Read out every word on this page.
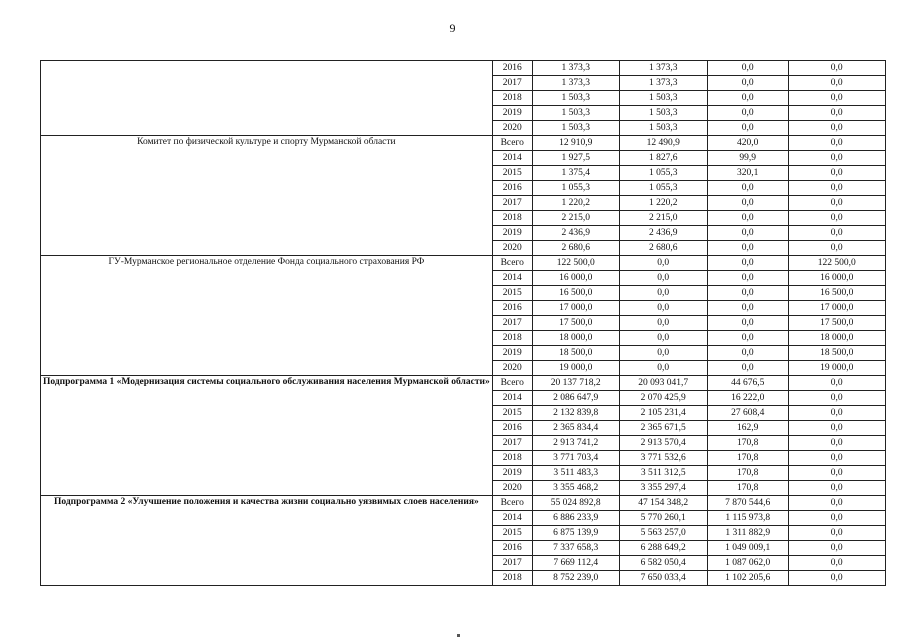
9
	2016	1 373,3	1 373,3	0,0	0,0
	2017	1 373,3	1 373,3	0,0	0,0
	2018	1 503,3	1 503,3	0,0	0,0
	2019	1 503,3	1 503,3	0,0	0,0
	2020	1 503,3	1 503,3	0,0	0,0
Комитет по физической культуре и спорту Мурманской области	Всего	12 910,9	12 490,9	420,0	0,0
	2014	1 927,5	1 827,6	99,9	0,0
	2015	1 375,4	1 055,3	320,1	0,0
	2016	1 055,3	1 055,3	0,0	0,0
	2017	1 220,2	1 220,2	0,0	0,0
	2018	2 215,0	2 215,0	0,0	0,0
	2019	2 436,9	2 436,9	0,0	0,0
	2020	2 680,6	2 680,6	0,0	0,0
ГУ-Мурманское региональное отделение Фонда социального страхования РФ	Всего	122 500,0	0,0	0,0	122 500,0
	2014	16 000,0	0,0	0,0	16 000,0
	2015	16 500,0	0,0	0,0	16 500,0
	2016	17 000,0	0,0	0,0	17 000,0
	2017	17 500,0	0,0	0,0	17 500,0
	2018	18 000,0	0,0	0,0	18 000,0
	2019	18 500,0	0,0	0,0	18 500,0
	2020	19 000,0	0,0	0,0	19 000,0
Подпрограмма 1 «Модернизация системы социального обслуживания населения Мурманской области»	Всего	20 137 718,2	20 093 041,7	44 676,5	0,0
	2014	2 086 647,9	2 070 425,9	16 222,0	0,0
	2015	2 132 839,8	2 105 231,4	27 608,4	0,0
	2016	2 365 834,4	2 365 671,5	162,9	0,0
	2017	2 913 741,2	2 913 570,4	170,8	0,0
	2018	3 771 703,4	3 771 532,6	170,8	0,0
	2019	3 511 483,3	3 511 312,5	170,8	0,0
	2020	3 355 468,2	3 355 297,4	170,8	0,0
Подпрограмма 2 «Улучшение положения и качества жизни социально уязвимых слоев населения»	Всего	55 024 892,8	47 154 348,2	7 870 544,6	0,0
	2014	6 886 233,9	5 770 260,1	1 115 973,8	0,0
	2015	6 875 139,9	5 563 257,0	1 311 882,9	0,0
	2016	7 337 658,3	6 288 649,2	1 049 009,1	0,0
	2017	7 669 112,4	6 582 050,4	1 087 062,0	0,0
	2018	8 752 239,0	7 650 033,4	1 102 205,6	0,0
